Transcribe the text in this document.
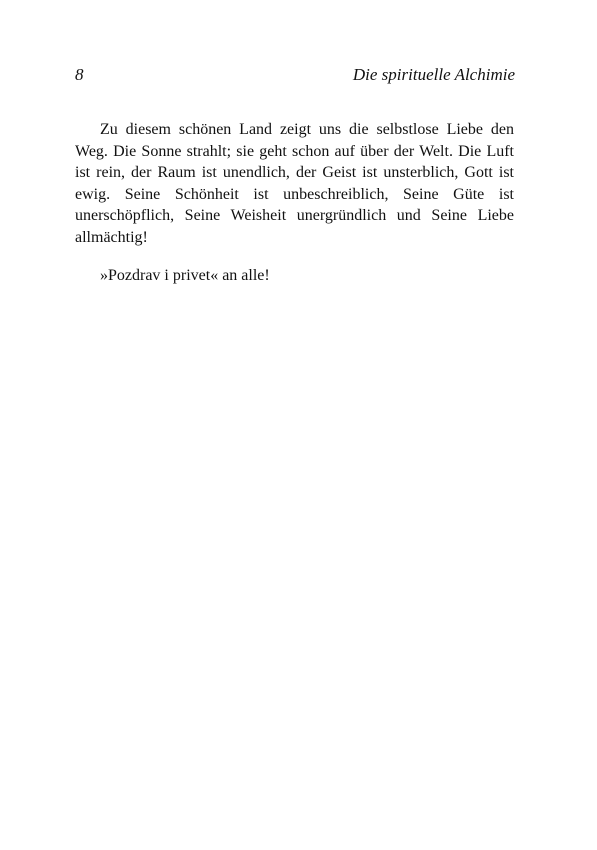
8	Die spirituelle Alchimie

Zu diesem schönen Land zeigt uns die selbstlose Liebe den Weg. Die Sonne strahlt; sie geht schon auf über der Welt. Die Luft ist rein, der Raum ist unendlich, der Geist ist unsterblich, Gott ist ewig. Seine Schönheit ist unbeschreiblich, Seine Güte ist unerschöpflich, Seine Weisheit unergründlich und Seine Liebe allmächtig!

»Pozdrav i privet« an alle!
